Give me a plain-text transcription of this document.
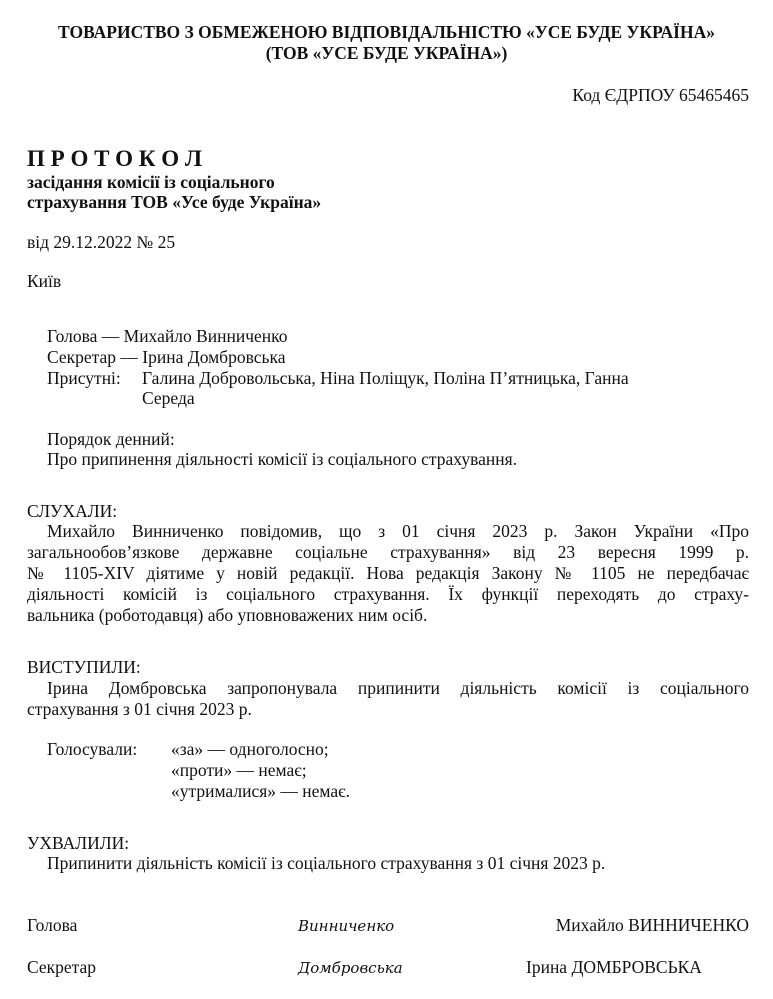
ТОВАРИСТВО З ОБМЕЖЕНОЮ ВІДПОВІДАЛЬНІСТЮ «УСЕ БУДЕ УКРАЇНА»
(ТОВ «УСЕ БУДЕ УКРАЇНА»)
Код ЄДРПОУ 65465465
П Р О Т О К О Л
засідання комісії із соціального
страхування ТОВ «Усе буде Україна»
від 29.12.2022 № 25
Київ
Голова — Михайло Винниченко
Секретар — Ірина Домбровська
Присутні: Галина Добровольська, Ніна Поліщук, Поліна П’ятницька, Ганна
Середа
Порядок денний:
Про припинення діяльності комісії із соціального страхування.
СЛУХАЛИ:
Михайло Винниченко повідомив, що з 01 січня 2023 р. Закон України «Про
загальнообов’язкове державне соціальне страхування» від 23 вересня 1999 р.
№ 1105-XIV діятиме у новій редакції. Нова редакція Закону № 1105 не передбачає
діяльності комісій із соціального страхування. Їх функції переходять до страху-
вальника (роботодавця) або уповноважених ним осіб.
ВИСТУПИЛИ:
Ірина Домбровська запропонувала припинити діяльність комісії із соціального
страхування з 01 січня 2023 р.
Голосували: «за» — одноголосно;
«проти» — немає;
«утрималися» — немає.
УХВАЛИЛИ:
Припинити діяльність комісії із соціального страхування з 01 січня 2023 р.
Голова	Винниченко	Михайло ВИННИЧЕНКО
Секретар	Домбровська	Ірина ДОМБРОВСЬКА
